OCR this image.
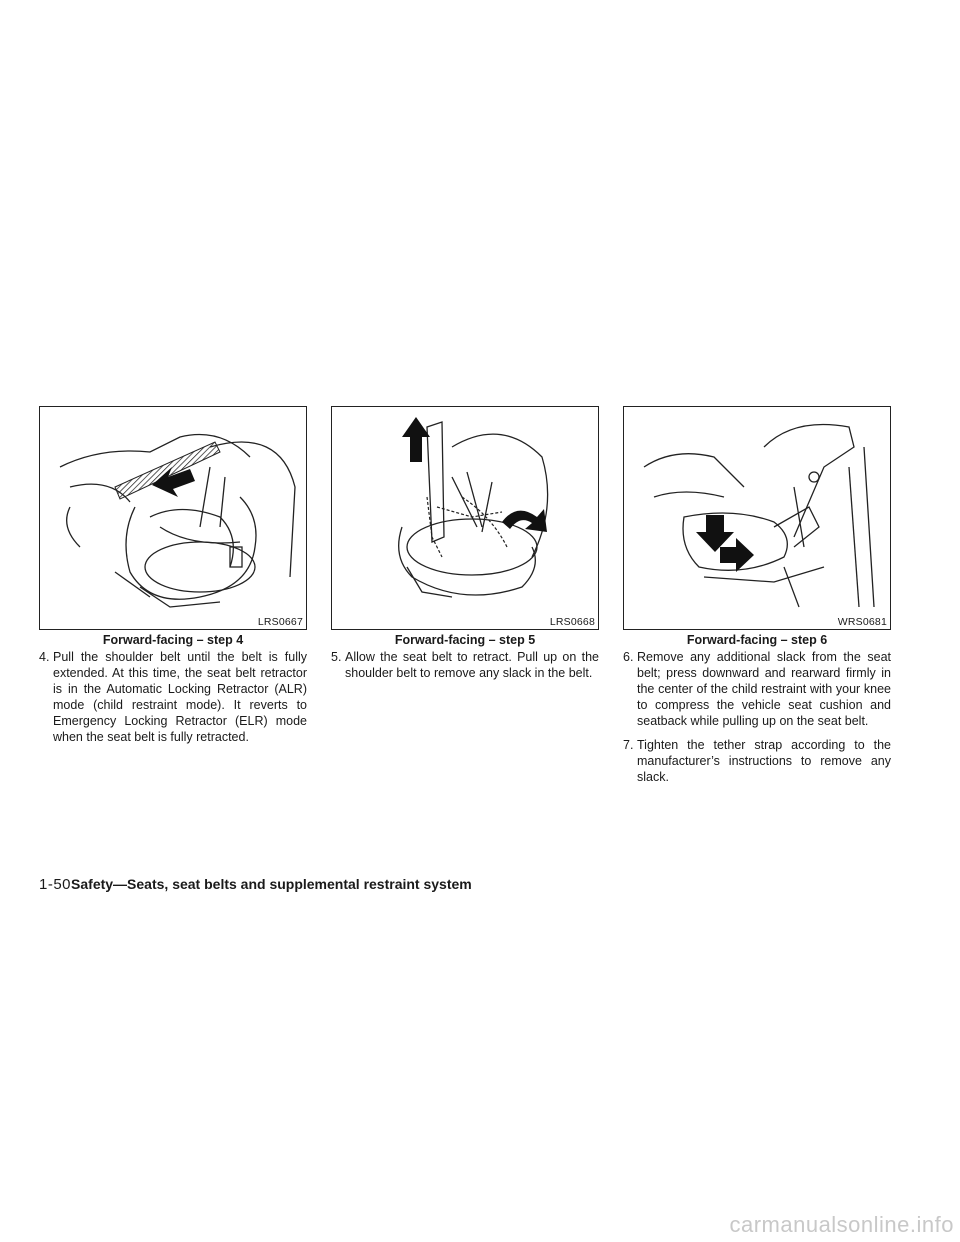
LRS0667
Forward-facing – step 4

4. Pull the shoulder belt until the belt is fully extended. At this time, the seat belt retractor is in the Automatic Locking Retractor (ALR) mode (child restraint mode). It reverts to Emergency Locking Retractor (ELR) mode when the seat belt is fully retracted.

LRS0668
Forward-facing – step 5

5. Allow the seat belt to retract. Pull up on the shoulder belt to remove any slack in the belt.

WRS0681
Forward-facing – step 6

6. Remove any additional slack from the seat belt; press downward and rearward firmly in the center of the child restraint with your knee to compress the vehicle seat cushion and seatback while pulling up on the seat belt.

7. Tighten the tether strap according to the manufacturer’s instructions to remove any slack.

1-50Safety—Seats, seat belts and supplemental restraint system
carmanualsonline.info
